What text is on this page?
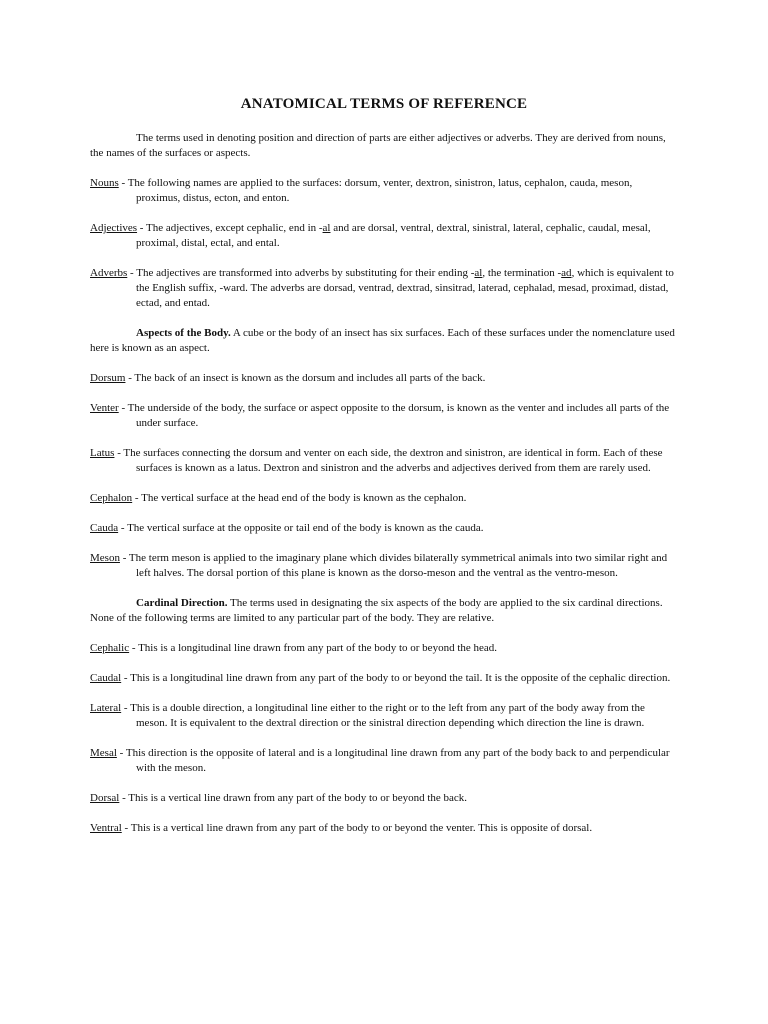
ANATOMICAL TERMS OF REFERENCE

The terms used in denoting position and direction of parts are either adjectives or adverbs. They are derived from nouns, the names of the surfaces or aspects.

Nouns - The following names are applied to the surfaces: dorsum, venter, dextron, sinistron, latus, cephalon, cauda, meson, proximus, distus, ecton, and enton.

Adjectives - The adjectives, except cephalic, end in -al and are dorsal, ventral, dextral, sinistral, lateral, cephalic, caudal, mesal, proximal, distal, ectal, and ental.

Adverbs - The adjectives are transformed into adverbs by substituting for their ending -al, the termination -ad, which is equivalent to the English suffix, -ward. The adverbs are dorsad, ventrad, dextrad, sinsitrad, laterad, cephalad, mesad, proximad, distad, ectad, and entad.

Aspects of the Body. A cube or the body of an insect has six surfaces. Each of these surfaces under the nomenclature used here is known as an aspect.

Dorsum - The back of an insect is known as the dorsum and includes all parts of the back.

Venter - The underside of the body, the surface or aspect opposite to the dorsum, is known as the venter and includes all parts of the under surface.

Latus - The surfaces connecting the dorsum and venter on each side, the dextron and sinistron, are identical in form. Each of these surfaces is known as a latus. Dextron and sinistron and the adverbs and adjectives derived from them are rarely used.

Cephalon - The vertical surface at the head end of the body is known as the cephalon.

Cauda - The vertical surface at the opposite or tail end of the body is known as the cauda.

Meson - The term meson is applied to the imaginary plane which divides bilaterally symmetrical animals into two similar right and left halves. The dorsal portion of this plane is known as the dorso-meson and the ventral as the ventro-meson.

Cardinal Direction. The terms used in designating the six aspects of the body are applied to the six cardinal directions. None of the following terms are limited to any particular part of the body. They are relative.

Cephalic - This is a longitudinal line drawn from any part of the body to or beyond the head.

Caudal - This is a longitudinal line drawn from any part of the body to or beyond the tail. It is the opposite of the cephalic direction.

Lateral - This is a double direction, a longitudinal line either to the right or to the left from any part of the body away from the meson. It is equivalent to the dextral direction or the sinistral direction depending which direction the line is drawn.

Mesal - This direction is the opposite of lateral and is a longitudinal line drawn from any part of the body back to and perpendicular with the meson.

Dorsal - This is a vertical line drawn from any part of the body to or beyond the back.

Ventral - This is a vertical line drawn from any part of the body to or beyond the venter. This is opposite of dorsal.
